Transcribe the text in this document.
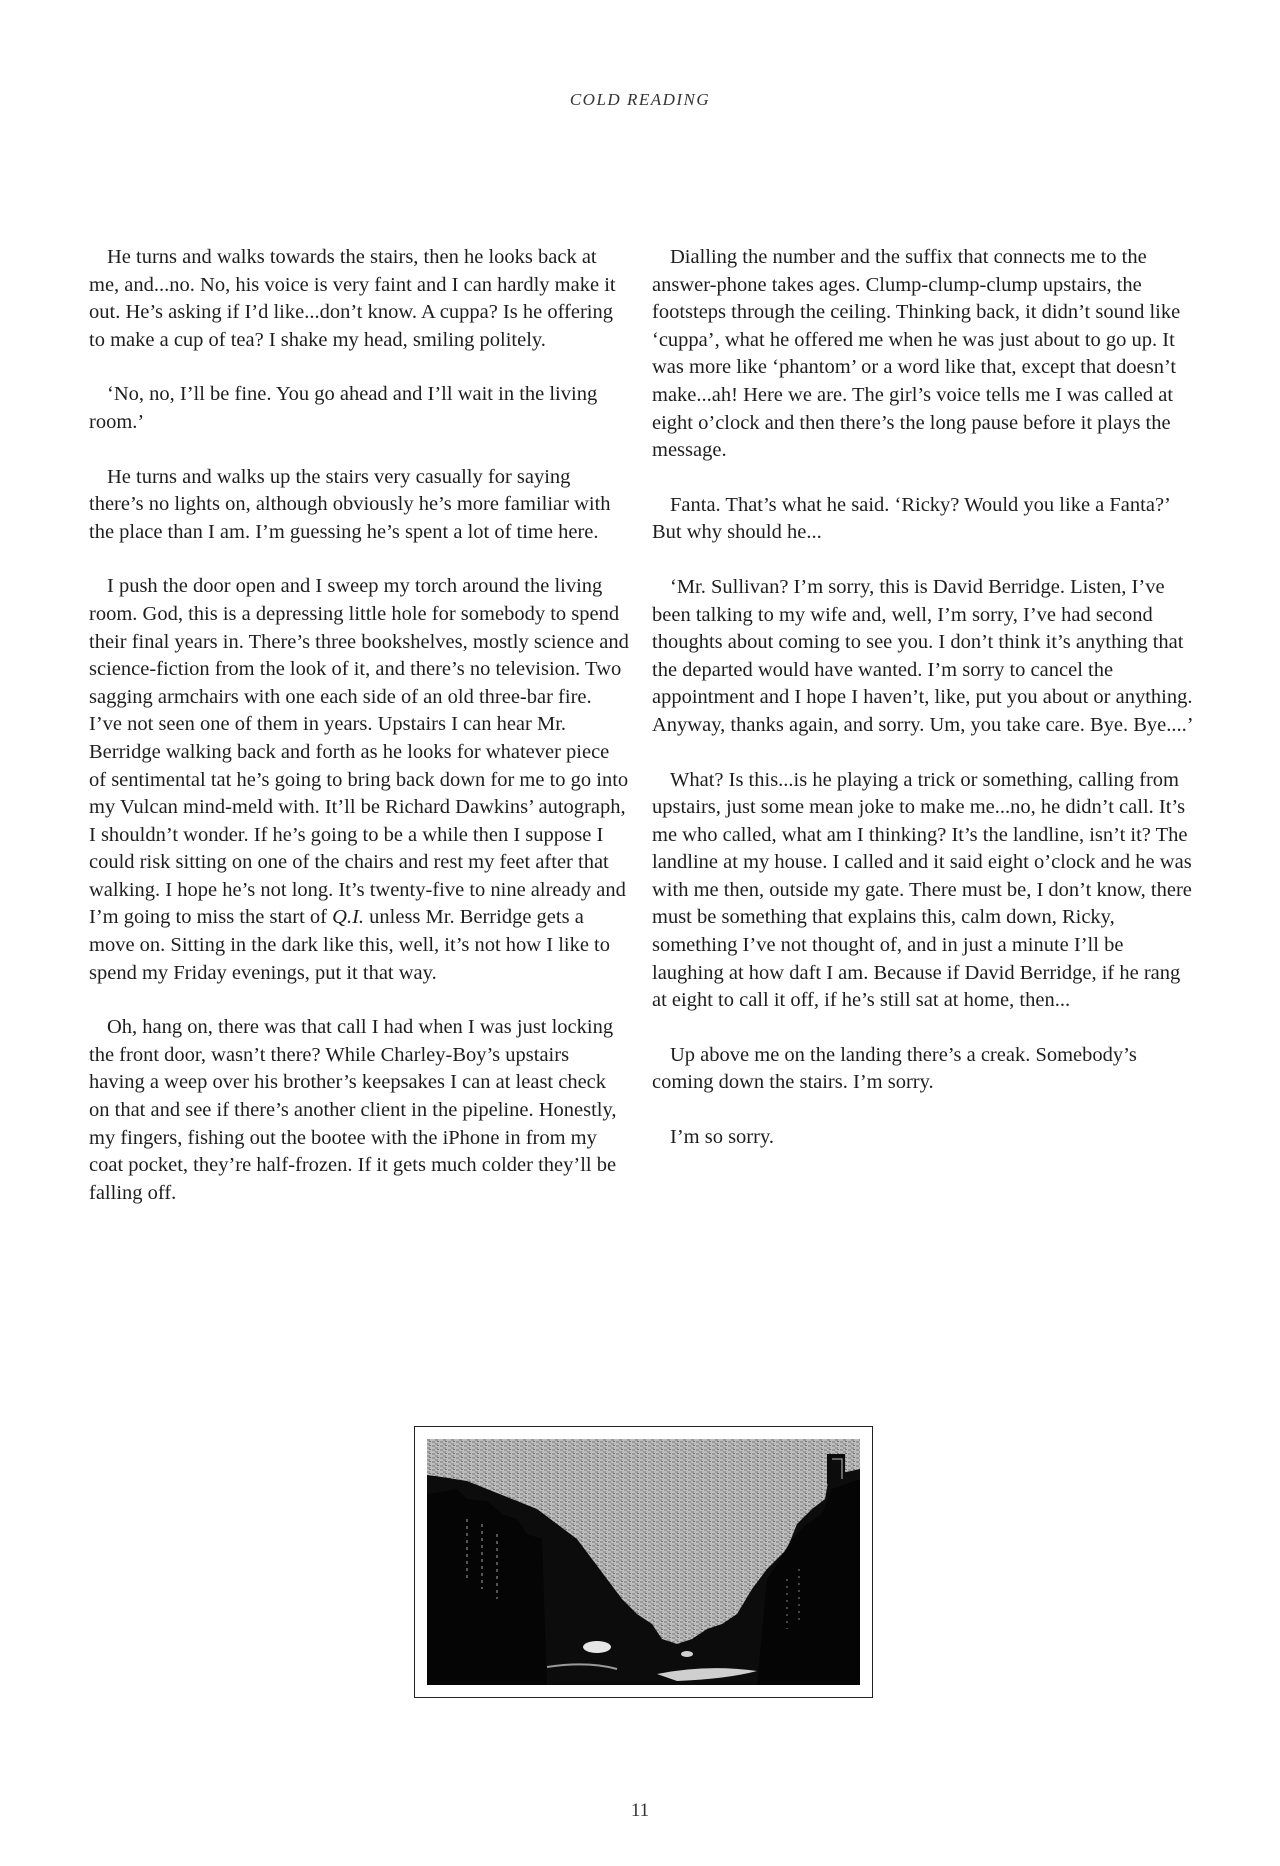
COLD READING

He turns and walks towards the stairs, then he looks back at me, and...no. No, his voice is very faint and I can hardly make it out. He’s asking if I’d like...don’t know. A cuppa? Is he offering to make a cup of tea? I shake my head, smiling politely.

‘No, no, I’ll be fine. You go ahead and I’ll wait in the living room.’

He turns and walks up the stairs very casually for saying there’s no lights on, although obviously he’s more familiar with the place than I am. I’m guessing he’s spent a lot of time here.

I push the door open and I sweep my torch around the living room. God, this is a depressing little hole for somebody to spend their final years in. There’s three bookshelves, mostly science and science-fiction from the look of it, and there’s no television. Two sagging armchairs with one each side of an old three-bar fire. I’ve not seen one of them in years. Upstairs I can hear Mr. Berridge walking back and forth as he looks for whatever piece of sentimental tat he’s going to bring back down for me to go into my Vulcan mind-meld with. It’ll be Richard Dawkins’ autograph, I shouldn’t wonder. If he’s going to be a while then I suppose I could risk sitting on one of the chairs and rest my feet after that walking. I hope he’s not long. It’s twenty-five to nine already and I’m going to miss the start of Q.I. unless Mr. Berridge gets a move on. Sitting in the dark like this, well, it’s not how I like to spend my Friday evenings, put it that way.

Oh, hang on, there was that call I had when I was just locking the front door, wasn’t there? While Charley-Boy’s upstairs having a weep over his brother’s keepsakes I can at least check on that and see if there’s another client in the pipeline. Honestly, my fingers, fishing out the bootee with the iPhone in from my coat pocket, they’re half-frozen. If it gets much colder they’ll be falling off.

Dialling the number and the suffix that connects me to the answer-phone takes ages. Clump-clump-clump upstairs, the footsteps through the ceiling. Thinking back, it didn’t sound like ‘cuppa’, what he offered me when he was just about to go up. It was more like ‘phantom’ or a word like that, except that doesn’t make...ah! Here we are. The girl’s voice tells me I was called at eight o’clock and then there’s the long pause before it plays the message.

Fanta. That’s what he said. ‘Ricky? Would you like a Fanta?’ But why should he...

‘Mr. Sullivan? I’m sorry, this is David Berridge. Listen, I’ve been talking to my wife and, well, I’m sorry, I’ve had second thoughts about coming to see you. I don’t think it’s anything that the departed would have wanted. I’m sorry to cancel the appointment and I hope I haven’t, like, put you about or anything. Anyway, thanks again, and sorry. Um, you take care. Bye. Bye....’

What? Is this...is he playing a trick or something, calling from upstairs, just some mean joke to make me...no, he didn’t call. It’s me who called, what am I thinking? It’s the landline, isn’t it? The landline at my house. I called and it said eight o’clock and he was with me then, outside my gate. There must be, I don’t know, there must be something that explains this, calm down, Ricky, something I’ve not thought of, and in just a minute I’ll be laughing at how daft I am. Because if David Berridge, if he rang at eight to call it off, if he’s still sat at home, then...

Up above me on the landing there’s a creak. Somebody’s coming down the stairs. I’m sorry.

I’m so sorry.

11
